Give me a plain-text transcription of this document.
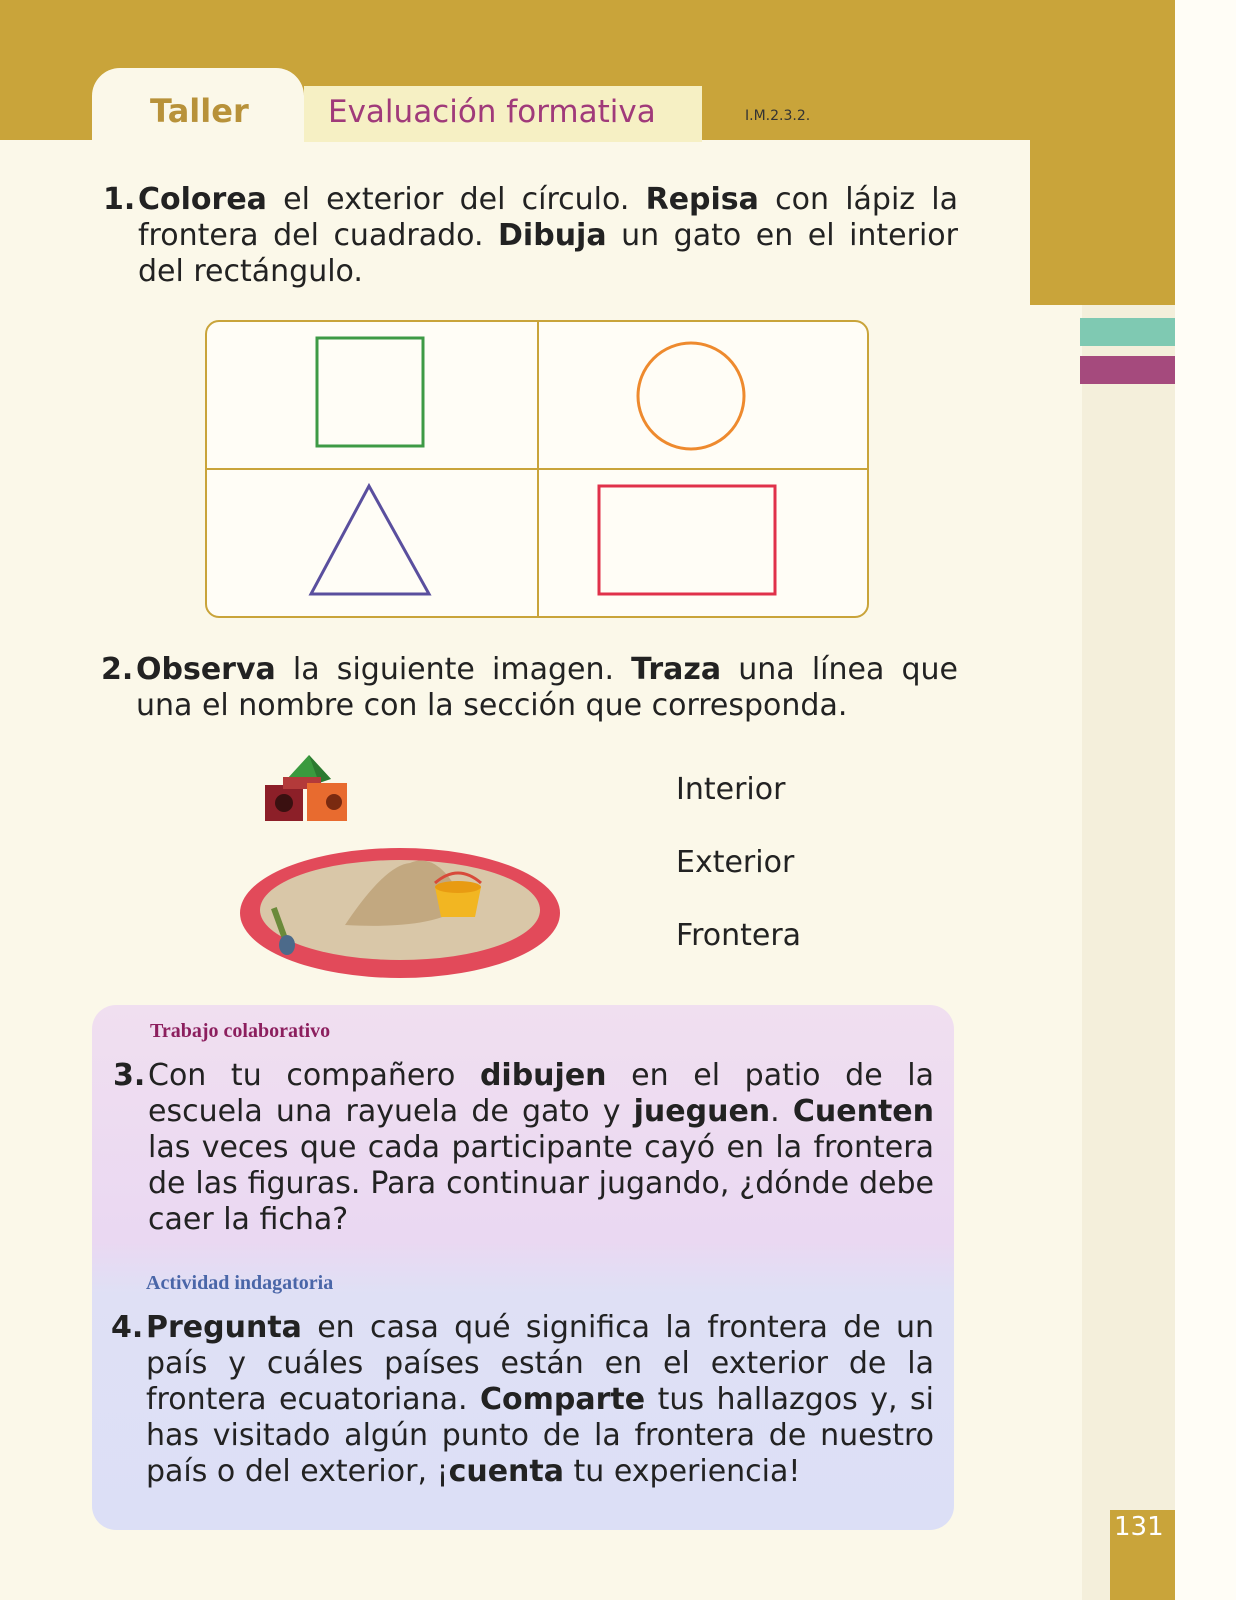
Taller	Evaluación formativa	I.M.2.3.2.
1. Colorea el exterior del círculo. Repisa con lápiz la frontera del cuadrado. Dibuja un gato en el interior del rectángulo.
2. Observa la siguiente imagen. Traza una línea que una el nombre con la sección que corresponda.
Interior
Exterior
Frontera
Trabajo colaborativo
3. Con tu compañero dibujen en el patio de la escuela una rayuela de gato y jueguen. Cuenten las veces que cada participante cayó en la frontera de las figuras. Para continuar jugando, ¿dónde debe caer la ficha?
Actividad indagatoria
4. Pregunta en casa qué significa la frontera de un país y cuáles países están en el exterior de la frontera ecuatoriana. Comparte tus hallazgos y, si has visitado algún punto de la frontera de nuestro país o del exterior, ¡cuenta tu experiencia!
131
